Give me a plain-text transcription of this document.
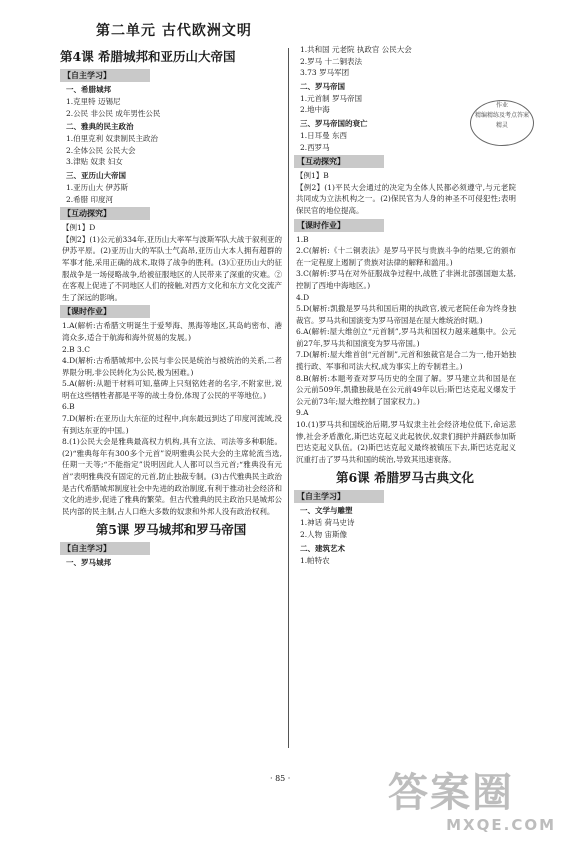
第二单元 古代欧洲文明
第4课 希腊城邦和亚历山大帝国
【自主学习】
一、希腊城邦
1.克里特 迈锡尼
2.公民 非公民 成年男性公民
二、雅典的民主政治
1.伯里克利 奴隶制民主政治
2.全体公民 公民大会
3.津贴 奴隶 妇女
三、亚历山大帝国
1.亚历山大 伊苏斯
2.希腊 印度河
【互动探究】
【例1】D
【例2】(1)公元前334年,亚历山大率军与波斯军队大战于叙利亚的伊苏平原。(2)亚历山大的军队士气高昂,亚历山大本人拥有超群的军事才能,采用正确的战术,取得了战争的胜利。(3)①亚历山大的征服战争是一场侵略战争,给被征服地区的人民带来了深重的灾难。②在客观上促进了不同地区人们的接触,对西方文化和东方文化交流产生了深远的影响。
【课时作业】
1.A(解析:古希腊文明诞生于爱琴海、黑海等地区,其岛屿密布、港湾众多,适合于航海和海外贸易的发展。)
2.B 3.C
4.D(解析:古希腊城邦中,公民与非公民是统治与被统治的关系,二者界限分明,非公民转化为公民,极为困难。)
5.A(解析:从题干材料可知,墓碑上只刻铭姓者的名字,不附家世,说明在这些牺牲者都是平等的战士身份,体现了公民的平等地位。)
6.B
7.D(解析:在亚历山大东征的过程中,向东最远到达了印度河流域,没有到达东亚的中国。)
8.(1)公民大会是雅典最高权力机构,具有立法、司法等多种职能。(2)“雅典每年有300多个元首”说明雅典公民大会的主席轮流当选,任期一天等;“不能指定”说明因此人人都可以当元首;“雅典没有元首”表明雅典没有固定的元首,防止独裁专制。(3)古代雅典民主政治是古代希腊城邦制度社会中先进的政治制度,有利于推动社会经济和文化的进步,促进了雅典的繁荣。但古代雅典的民主政治只是城邦公民内部的民主制,占人口绝大多数的奴隶和外邦人没有政治权利。
第5课 罗马城邦和罗马帝国
【自主学习】
一、罗马城邦
1.共和国 元老院 执政官 公民大会
2.罗马 十二铜表法
3.73 罗马军团
二、罗马帝国
1.元首制 罗马帝国
2.地中海
三、罗马帝国的衰亡
1.日耳曼 东西
2.西罗马
【互动探究】
【例1】B
【例2】(1)平民大会通过的决定为全体人民都必须遵守,与元老院共同成为立法机构之一。(2)保民官为人身的神圣不可侵犯性;表明保民官的地位提高。
【课时作业】
1.B
2.C(解析:《十二铜表法》是罗马平民与贵族斗争的结果,它的颁布在一定程度上遏制了贵族对法律的解释和滥用。)
3.C(解析:罗马在对外征服战争过程中,战胜了非洲北部强国迦太基,控制了西地中海地区。)
4.D
5.D(解析:凯撒是罗马共和国后期的执政官,被元老院任命为终身独裁官。罗马共和国演变为罗马帝国是在屋大维统治时期。)
6.A(解析:屋大维创立“元首制”,罗马共和国权力越来越集中。公元前27年,罗马共和国演变为罗马帝国。)
7.D(解析:屋大维首创“元首制”,元首和独裁官是合二为一,他开始独揽行政、军事和司法大权,成为事实上的专制君主。)
8.B(解析:本题考查对罗马历史的全面了解。罗马建立共和国是在公元前509年,凯撒独裁是在公元前49年以后;斯巴达克起义爆发于公元前73年;屋大维控制了国家权力。)
9.A
10.(1)罗马共和国统治后期,罗马奴隶主社会经济地位低下,命运悲惨,社会矛盾激化,斯巴达克起义此起彼伏,奴隶们拥护并踊跃参加斯巴达克起义队伍。(2)斯巴达克起义最终被镇压下去,斯巴达克起义沉重打击了罗马共和国的统治,导致其迅速衰落。
第6课 希腊罗马古典文化
【自主学习】
一、文学与雕塑
1.神话 荷马史诗
2.人物 宙斯像
二、建筑艺术
1.帕特农
作业
精编精练及考点答案
精灵
· 85 · 答案圈
MXQE.COM
